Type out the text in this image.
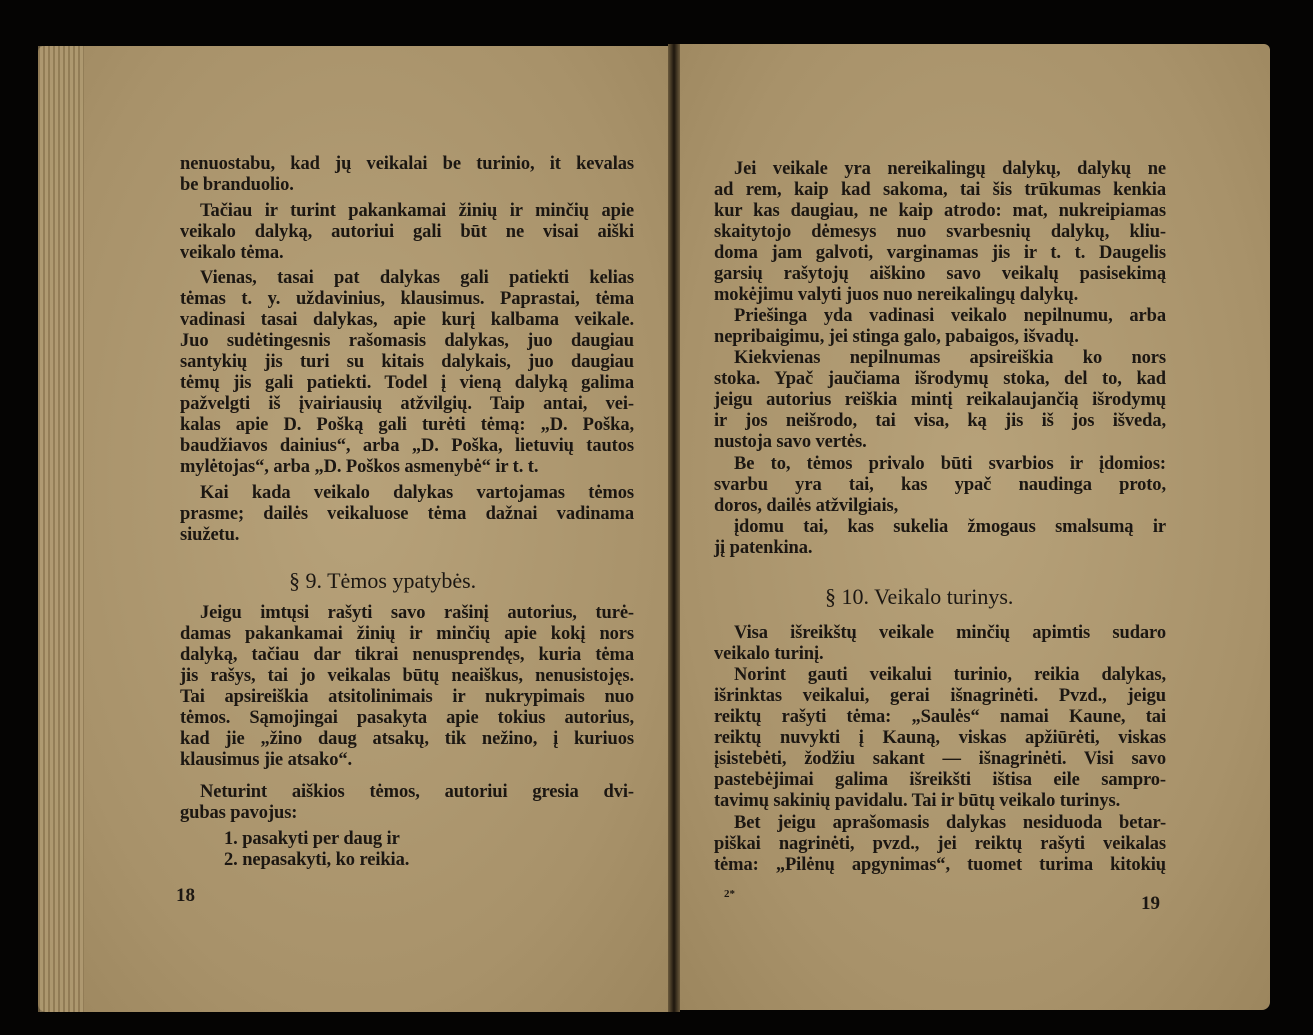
§ 9. Tėmos ypatybės.
§ 10. Veikalo turinys.
18	19
2*
nenuostabu, kad jų veikalai be turinio, it kevalas
be branduolio.
Tačiau ir turint pakankamai žinių ir minčių apie
veikalo dalyką, autoriui gali būt ne visai aiški
veikalo tėma.
Vienas, tasai pat dalykas gali patiekti kelias
tėmas t. y. uždavinius, klausimus. Paprastai, tėma
vadinasi tasai dalykas, apie kurį kalbama veikale.
Juo sudėtingesnis rašomasis dalykas, juo daugiau
santykių jis turi su kitais dalykais, juo daugiau
tėmų jis gali patiekti. Todel į vieną dalyką galima
pažvelgti iš įvairiausių atžvilgių. Taip antai, vei-
kalas apie D. Pošką gali turėti tėmą: „D. Poška,
baudžiavos dainius“, arba „D. Poška, lietuvių tautos
mylėtojas“, arba „D. Poškos asmenybė“ ir t. t.
Kai kada veikalo dalykas vartojamas tėmos
prasme; dailės veikaluose tėma dažnai vadinama
siužetu.
Jeigu imtųsi rašyti savo rašinį autorius, turė-
damas pakankamai žinių ir minčių apie kokį nors
dalyką, tačiau dar tikrai nenusprendęs, kuria tėma
jis rašys, tai jo veikalas būtų neaiškus, nenusistojęs.
Tai apsireiškia atsitolinimais ir nukrypimais nuo
tėmos. Sąmojingai pasakyta apie tokius autorius,
kad jie „žino daug atsakų, tik nežino, į kuriuos
klausimus jie atsako“.
Neturint aiškios tėmos, autoriui gresia dvi-
gubas pavojus:
Jei veikale yra nereikalingų dalykų, dalykų ne
ad rem, kaip kad sakoma, tai šis trūkumas kenkia
kur kas daugiau, ne kaip atrodo: mat, nukreipiamas
skaitytojo dėmesys nuo svarbesnių dalykų, kliu-
doma jam galvoti, varginamas jis ir t. t. Daugelis
garsių rašytojų aiškino savo veikalų pasisekimą
mokėjimu valyti juos nuo nereikalingų dalykų.
Priešinga yda vadinasi veikalo nepilnumu, arba
nepribaigimu, jei stinga galo, pabaigos, išvadų.
Kiekvienas nepilnumas apsireiškia ko nors
stoka. Ypač jaučiama išrodymų stoka, del to, kad
jeigu autorius reiškia mintį reikalaujančią išrodymų
ir jos neišrodo, tai visa, ką jis iš jos išveda,
nustoja savo vertės.
Be to, tėmos privalo būti svarbios ir įdomios:
svarbu yra tai, kas ypač naudinga proto,
doros, dailės atžvilgiais,
įdomu tai, kas sukelia žmogaus smalsumą ir
jį patenkina.
Visa išreikštų veikale minčių apimtis sudaro
veikalo turinį.
Norint gauti veikalui turinio, reikia dalykas,
išrinktas veikalui, gerai išnagrinėti. Pvzd., jeigu
reiktų rašyti tėma: „Saulės“ namai Kaune, tai
reiktų nuvykti į Kauną, viskas apžiūrėti, viskas
įsistebėti, žodžiu sakant — išnagrinėti. Visi savo
pastebėjimai galima išreikšti ištisa eile sampro-
tavimų sakinių pavidalu. Tai ir būtų veikalo turinys.
Bet jeigu aprašomasis dalykas nesiduoda betar-
piškai nagrinėti, pvzd., jei reiktų rašyti veikalas
tėma: „Pilėnų apgynimas“, tuomet turima kitokių
1. pasakyti per daug ir
2. nepasakyti, ko reikia.
